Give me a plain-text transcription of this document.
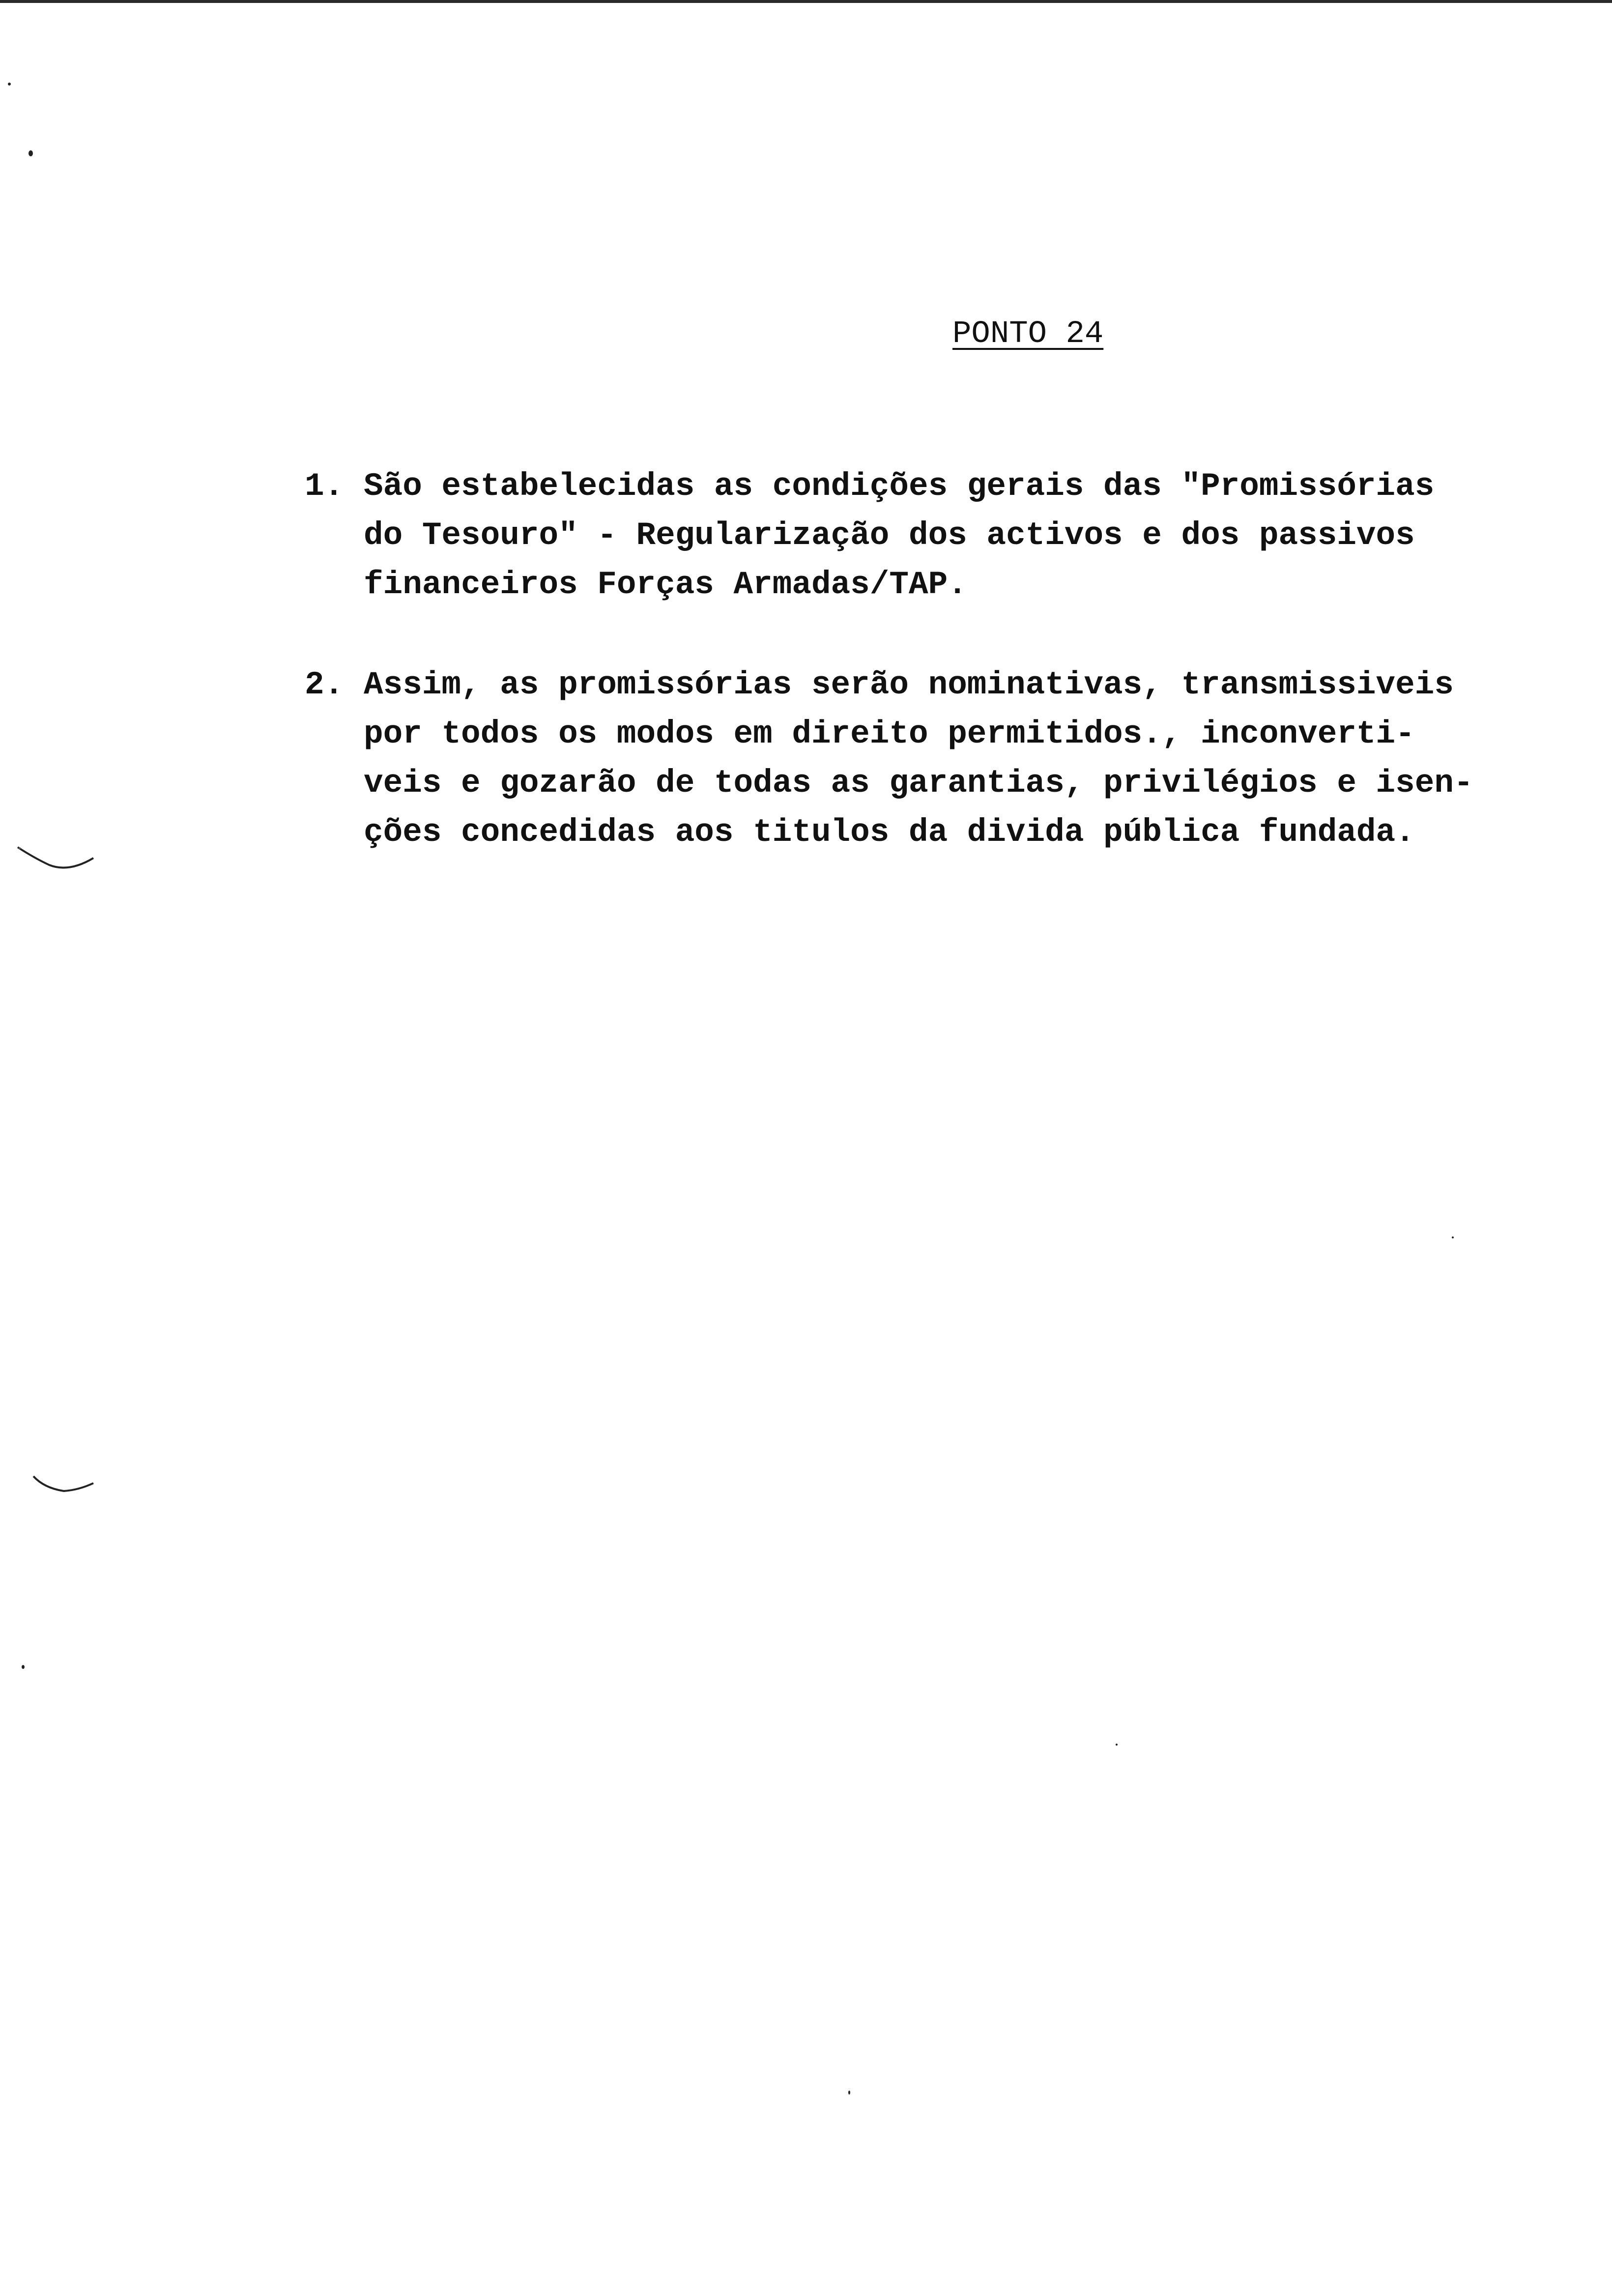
PONTO 24
1. São estabelecidas as condições gerais das "Promissórias
do Tesouro" - Regularização dos activos e dos passivos
financeiros Forças Armadas/TAP.
2. Assim, as promissórias serão nominativas, transmissiveis
por todos os modos em direito permitidos., inconverti-
veis e gozarão de todas as garantias, privilégios e isen-
ções concedidas aos titulos da divida pública fundada.
